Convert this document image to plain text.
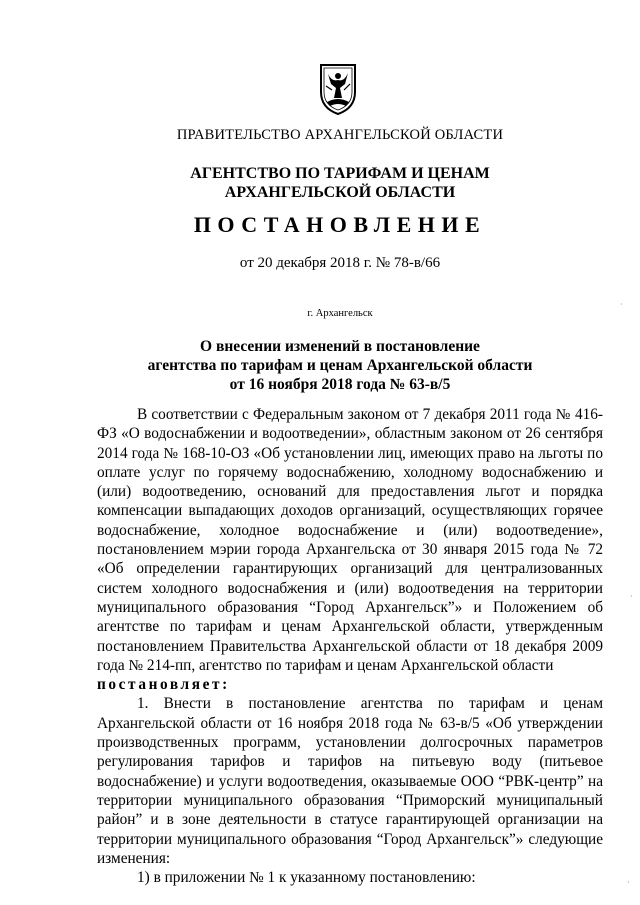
ПРАВИТЕЛЬСТВО АРХАНГЕЛЬСКОЙ ОБЛАСТИ
АГЕНТСТВО ПО ТАРИФАМ И ЦЕНАМ
АРХАНГЕЛЬСКОЙ ОБЛАСТИ
ПОСТАНОВЛЕНИЕ
от 20 декабря 2018 г. № 78-в/66
г. Архангельск
О внесении изменений в постановление
агентства по тарифам и ценам Архангельской области
от 16 ноября 2018 года № 63-в/5

В соответствии с Федеральным законом от 7 декабря 2011 года № 416-ФЗ «О водоснабжении и водоотведении», областным законом от 26 сентября 2014 года № 168-10-ОЗ «Об установлении лиц, имеющих право на льготы по оплате услуг по горячему водоснабжению, холодному водоснабжению и (или) водоотведению, оснований для предоставления льгот и порядка компенсации выпадающих доходов организаций, осуществляющих горячее водоснабжение, холодное водоснабжение и (или) водоотведение», постановлением мэрии города Архангельска от 30 января 2015 года № 72 «Об определении гарантирующих организаций для централизованных систем холодного водоснабжения и (или) водоотведения на территории муниципального образования “Город Архангельск”» и Положением об агентстве по тарифам и ценам Архангельской области, утвержденным постановлением Правительства Архангельской области от 18 декабря 2009 года № 214-пп, агентство по тарифам и ценам Архангельской области

постановляет:

1. Внести в постановление агентства по тарифам и ценам Архангельской области от 16 ноября 2018 года № 63-в/5 «Об утверждении производственных программ, установлении долгосрочных параметров регулирования тарифов и тарифов на питьевую воду (питьевое водоснабжение) и услуги водоотведения, оказываемые ООО “РВК-центр” на территории муниципального образования “Приморский муниципальный район” и в зоне деятельности в статусе гарантирующей организации на территории муниципального образования “Город Архангельск”» следующие изменения:

1) в приложении № 1 к указанному постановлению:

·
·
·
